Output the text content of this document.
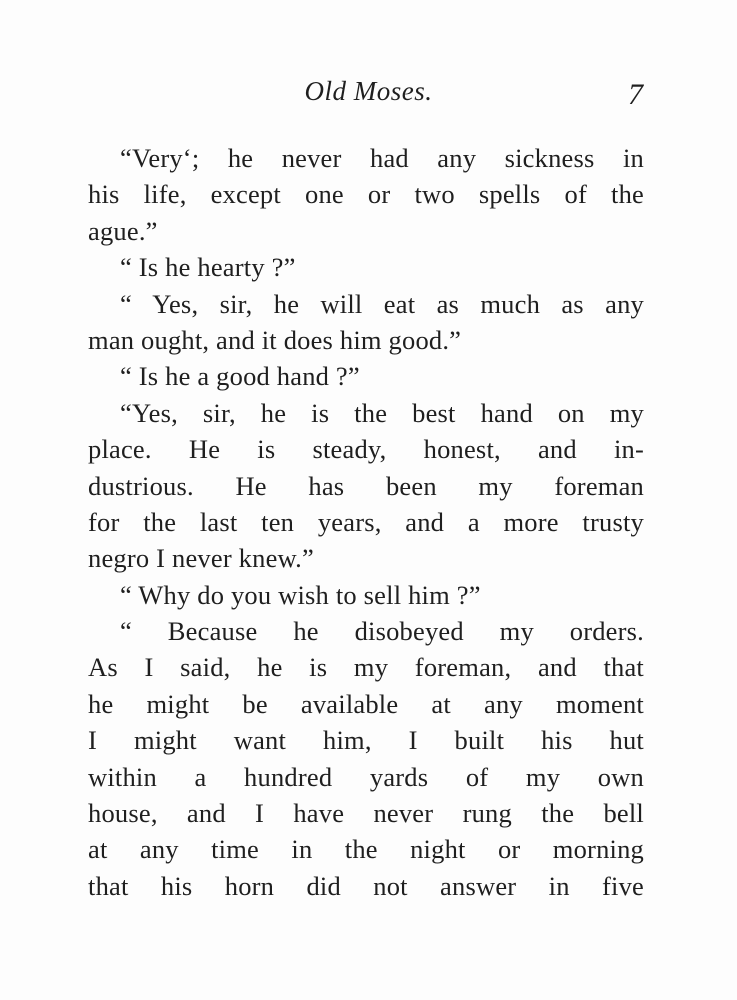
Old Moses.	7
“Very‘; he never had any sickness in
his life, except one or two spells of the
ague.”
“ Is he hearty ?”
“ Yes, sir, he will eat as much as any
man ought, and it does him good.”
“ Is he a good hand ?”
“Yes, sir, he is the best hand on my
place. He is steady, honest, and in-
dustrious. He has been my foreman
for the last ten years, and a more trusty
negro I never knew.”
“ Why do you wish to sell him ?”
“ Because he disobeyed my orders.
As I said, he is my foreman, and that
he might be available at any moment
I might want him, I built his hut
within a hundred yards of my own
house, and I have never rung the bell
at any time in the night or morning
that his horn did not answer in five
